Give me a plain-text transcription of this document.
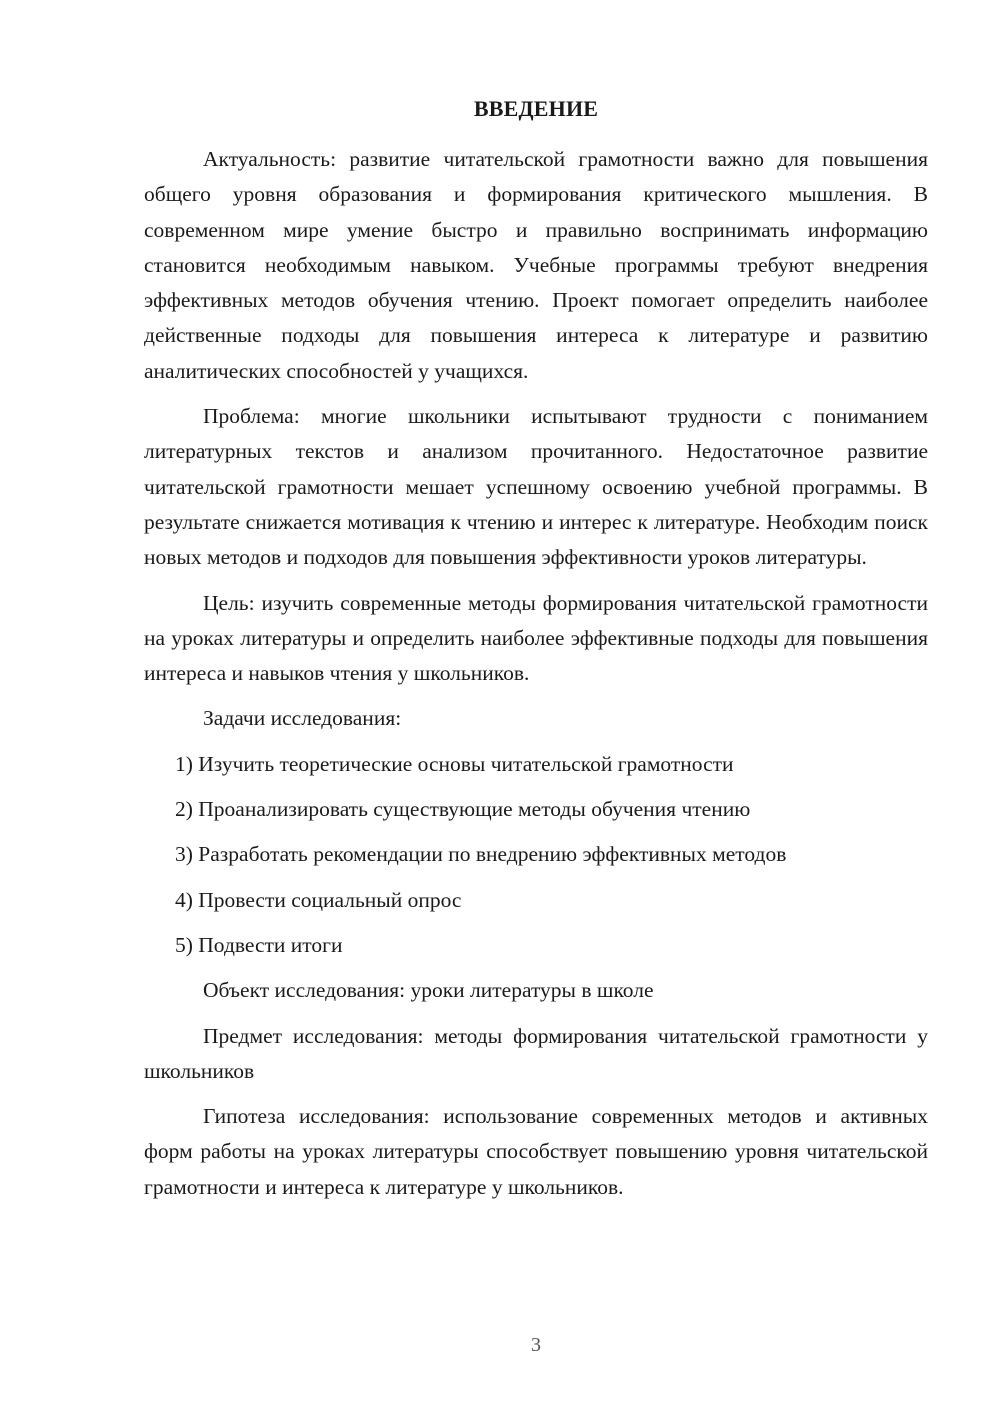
ВВЕДЕНИЕ

Актуальность: развитие читательской грамотности важно для повышения общего уровня образования и формирования критического мышления. В современном мире умение быстро и правильно воспринимать информацию становится необходимым навыком. Учебные программы требуют внедрения эффективных методов обучения чтению. Проект помогает определить наиболее действенные подходы для повышения интереса к литературе и развитию аналитических способностей у учащихся.

Проблема: многие школьники испытывают трудности с пониманием литературных текстов и анализом прочитанного. Недостаточное развитие читательской грамотности мешает успешному освоению учебной программы. В результате снижается мотивация к чтению и интерес к литературе. Необходим поиск новых методов и подходов для повышения эффективности уроков литературы.

Цель: изучить современные методы формирования читательской грамотности на уроках литературы и определить наиболее эффективные подходы для повышения интереса и навыков чтения у школьников.

Задачи исследования:

1) Изучить теоретические основы читательской грамотности
2) Проанализировать существующие методы обучения чтению
3) Разработать рекомендации по внедрению эффективных методов
4) Провести социальный опрос
5) Подвести итоги

Объект исследования: уроки литературы в школе

Предмет исследования: методы формирования читательской грамотности у школьников

Гипотеза исследования: использование современных методов и активных форм работы на уроках литературы способствует повышению уровня читательской грамотности и интереса к литературе у школьников.

3
